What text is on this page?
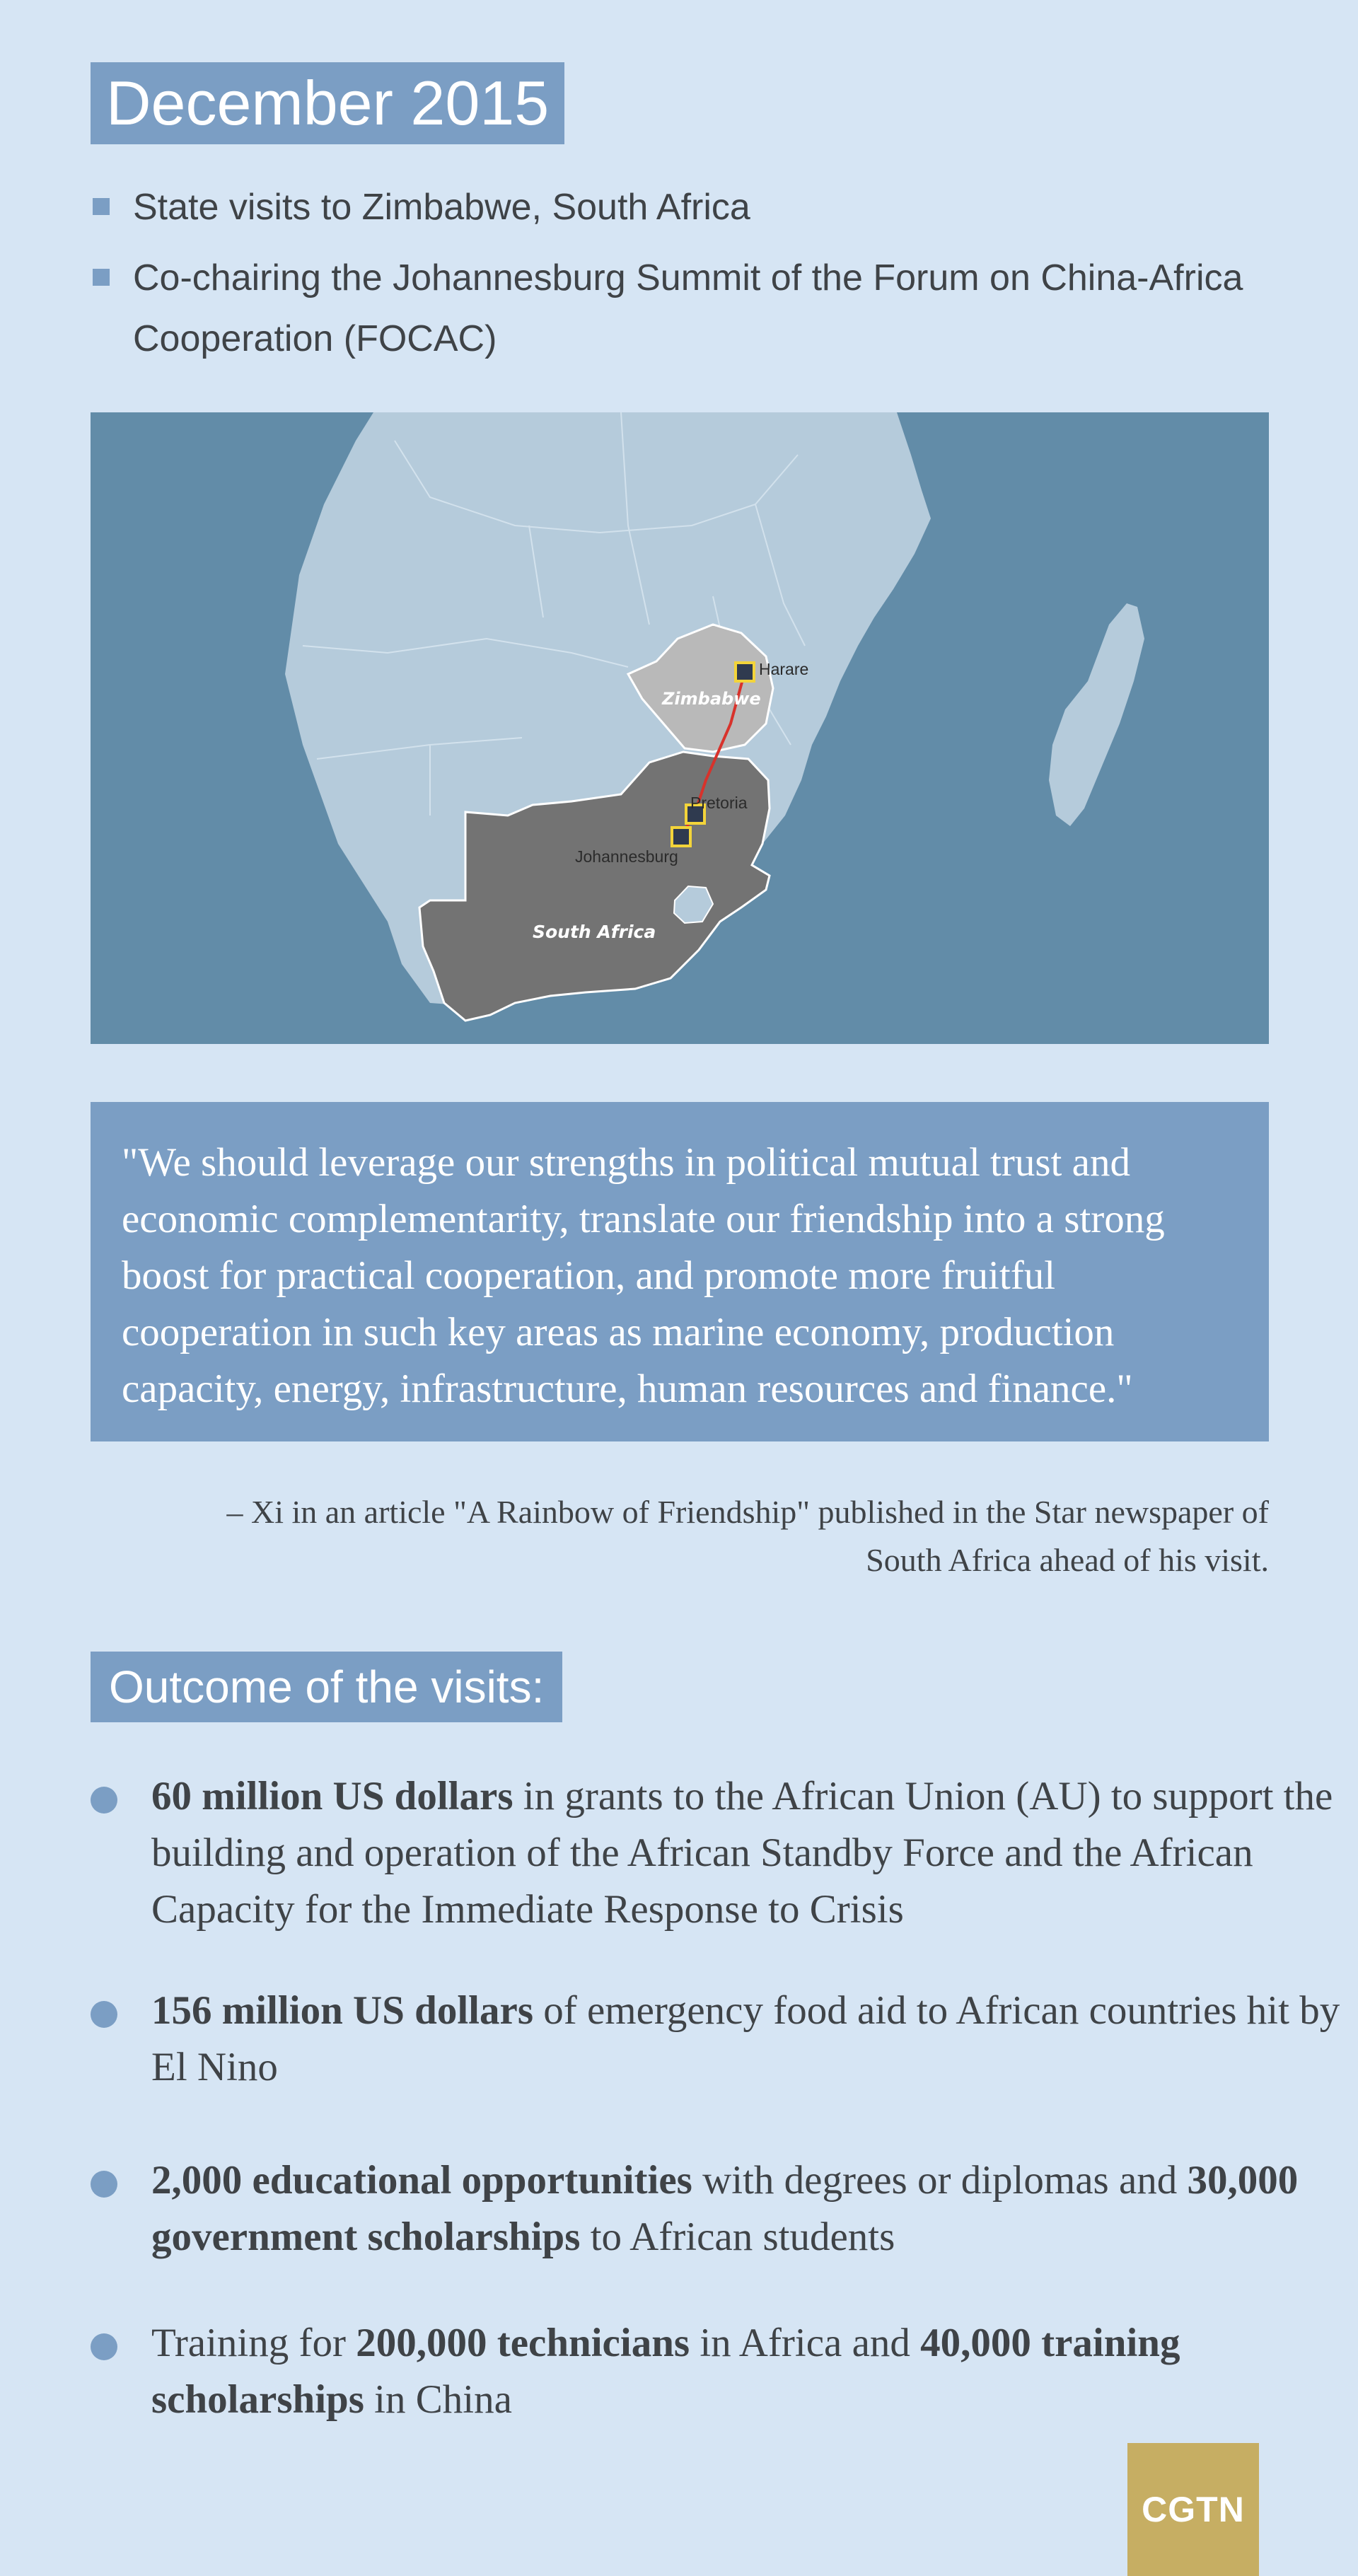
December 2015
State visits to Zimbabwe, South Africa
Co-chairing the Johannesburg Summit of the Forum on China-Africa Cooperation (FOCAC)
Harare
Pretoria
Johannesburg
Zimbabwe
South Africa
"We should leverage our strengths in political mutual trust and economic complementarity, translate our friendship into a strong boost for practical cooperation, and promote more fruitful cooperation in such key areas as marine economy, production capacity, energy, infrastructure, human resources and finance."
– Xi in an article "A Rainbow of Friendship" published in the Star newspaper of South Africa ahead of his visit.
Outcome of the visits:
60 million US dollars in grants to the African Union (AU) to support the building and operation of the African Standby Force and the African Capacity for the Immediate Response to Crisis
156 million US dollars of emergency food aid to African countries hit by El Nino
2,000 educational opportunities with degrees or diplomas and 30,000 government scholarships to African students
Training for 200,000 technicians in Africa and 40,000 training scholarships in China
CGTN
